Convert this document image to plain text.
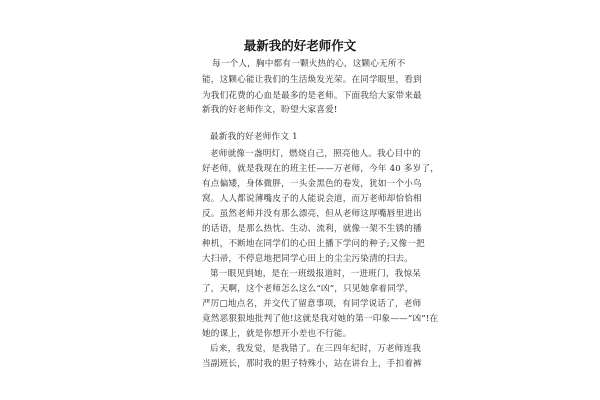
最新我的好老师作文
每一个人，胸中都有一颗火热的心，这颗心无所不
能，这颗心能让我们的生活焕发光荣。在同学眼里，看到
为我们花费的心血是最多的是老师。下面我给大家带来最
新我的好老师作文，盼望大家喜爱!
最新我的好老师作文 1
老师就像一盏明灯，燃烧自己，照亮他人。我心目中的
好老师，就是我现在的班主任——万老师，今年 40 多岁了，
有点偏矮，身体微胖，一头金黑色的卷发，犹如一个小鸟
窝。人人都说薄嘴皮子的人能说会道，而万老师却恰恰相
反。虽然老师并没有那么漂亮，但从老师这厚嘴唇里进出
的话语，是那么热忱、生动、流利，就像一架不生锈的播
种机，不断地在同学们的心田上播下学问的种子;又像一把
大扫帚，不停息地把同学心田上的尘尘污染清的扫去。
第一眼见到她，是在一班级报道时，一进班门，我惊呆
了，天啊，这个老师怎么这么“凶”，只见她拿着同学，
严厉□地点名，并交代了留意事项，有同学说话了，老师
竟然恶狠狠地批判了他!这就是我对她的第一印象——“凶”!在
她的课上，就是你想开小差也不行能。
后来，我发觉，是我错了。在三四年纪时，万老师连我
当副班长，那时我的胆子特殊小，站在讲台上，手扣着裤
